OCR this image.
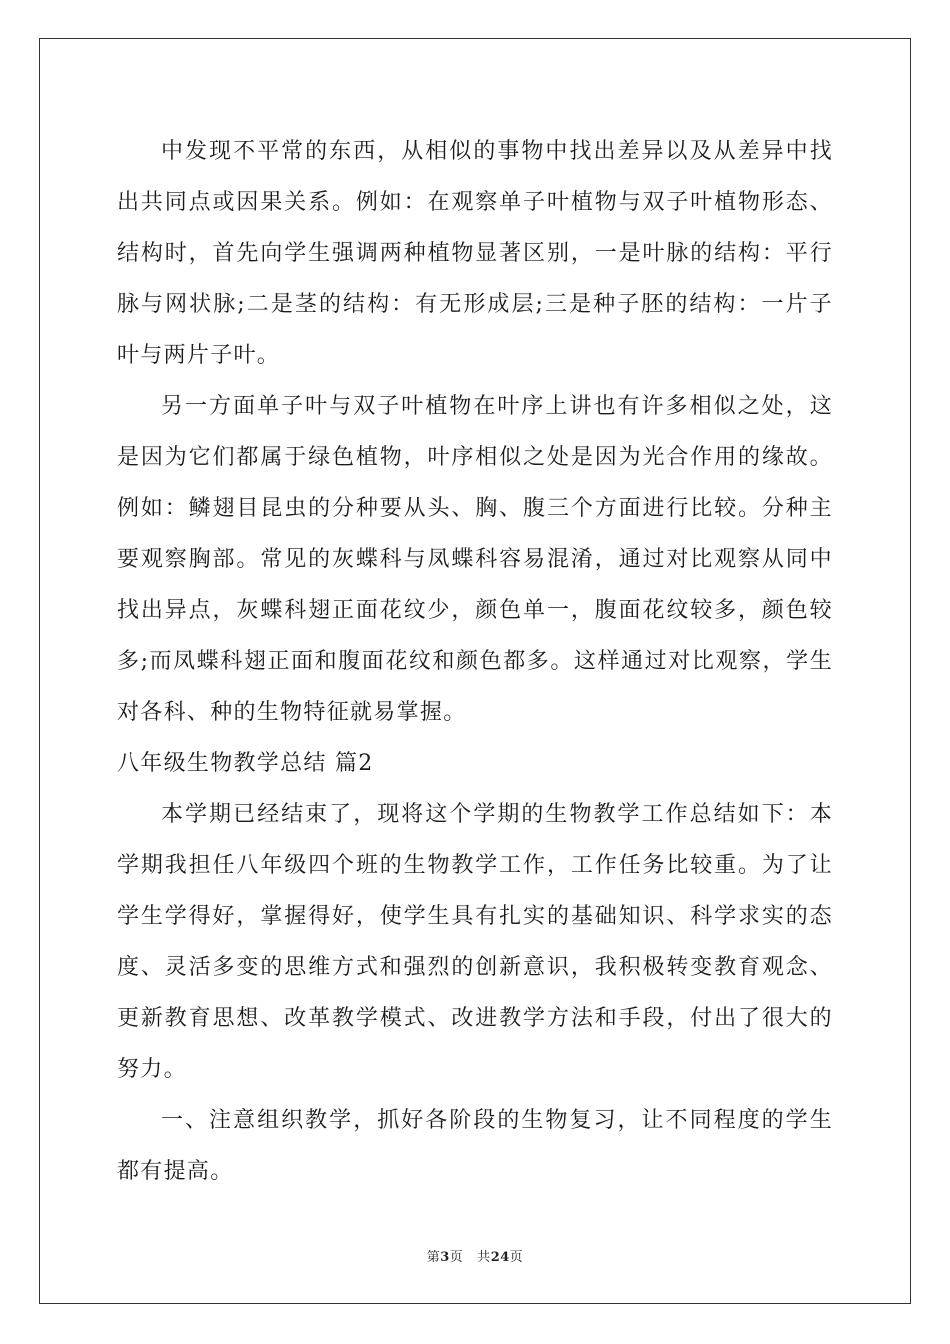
中发现不平常的东西，从相似的事物中找出差异以及从差异中找出共同点或因果关系。例如：在观察单子叶植物与双子叶植物形态、结构时，首先向学生强调两种植物显著区别，一是叶脉的结构：平行脉与网状脉;二是茎的结构：有无形成层;三是种子胚的结构：一片子叶与两片子叶。

另一方面单子叶与双子叶植物在叶序上讲也有许多相似之处，这是因为它们都属于绿色植物，叶序相似之处是因为光合作用的缘故。例如：鳞翅目昆虫的分种要从头、胸、腹三个方面进行比较。分种主要观察胸部。常见的灰蝶科与凤蝶科容易混淆，通过对比观察从同中找出异点，灰蝶科翅正面花纹少，颜色单一，腹面花纹较多，颜色较多;而凤蝶科翅正面和腹面花纹和颜色都多。这样通过对比观察，学生对各科、种的生物特征就易掌握。

八年级生物教学总结 篇2

本学期已经结束了，现将这个学期的生物教学工作总结如下：本学期我担任八年级四个班的生物教学工作，工作任务比较重。为了让学生学得好，掌握得好，使学生具有扎实的基础知识、科学求实的态度、灵活多变的思维方式和强烈的创新意识，我积极转变教育观念、更新教育思想、改革教学模式、改进教学方法和手段，付出了很大的努力。

一、注意组织教学，抓好各阶段的生物复习，让不同程度的学生都有提高。

第3页 共24页
